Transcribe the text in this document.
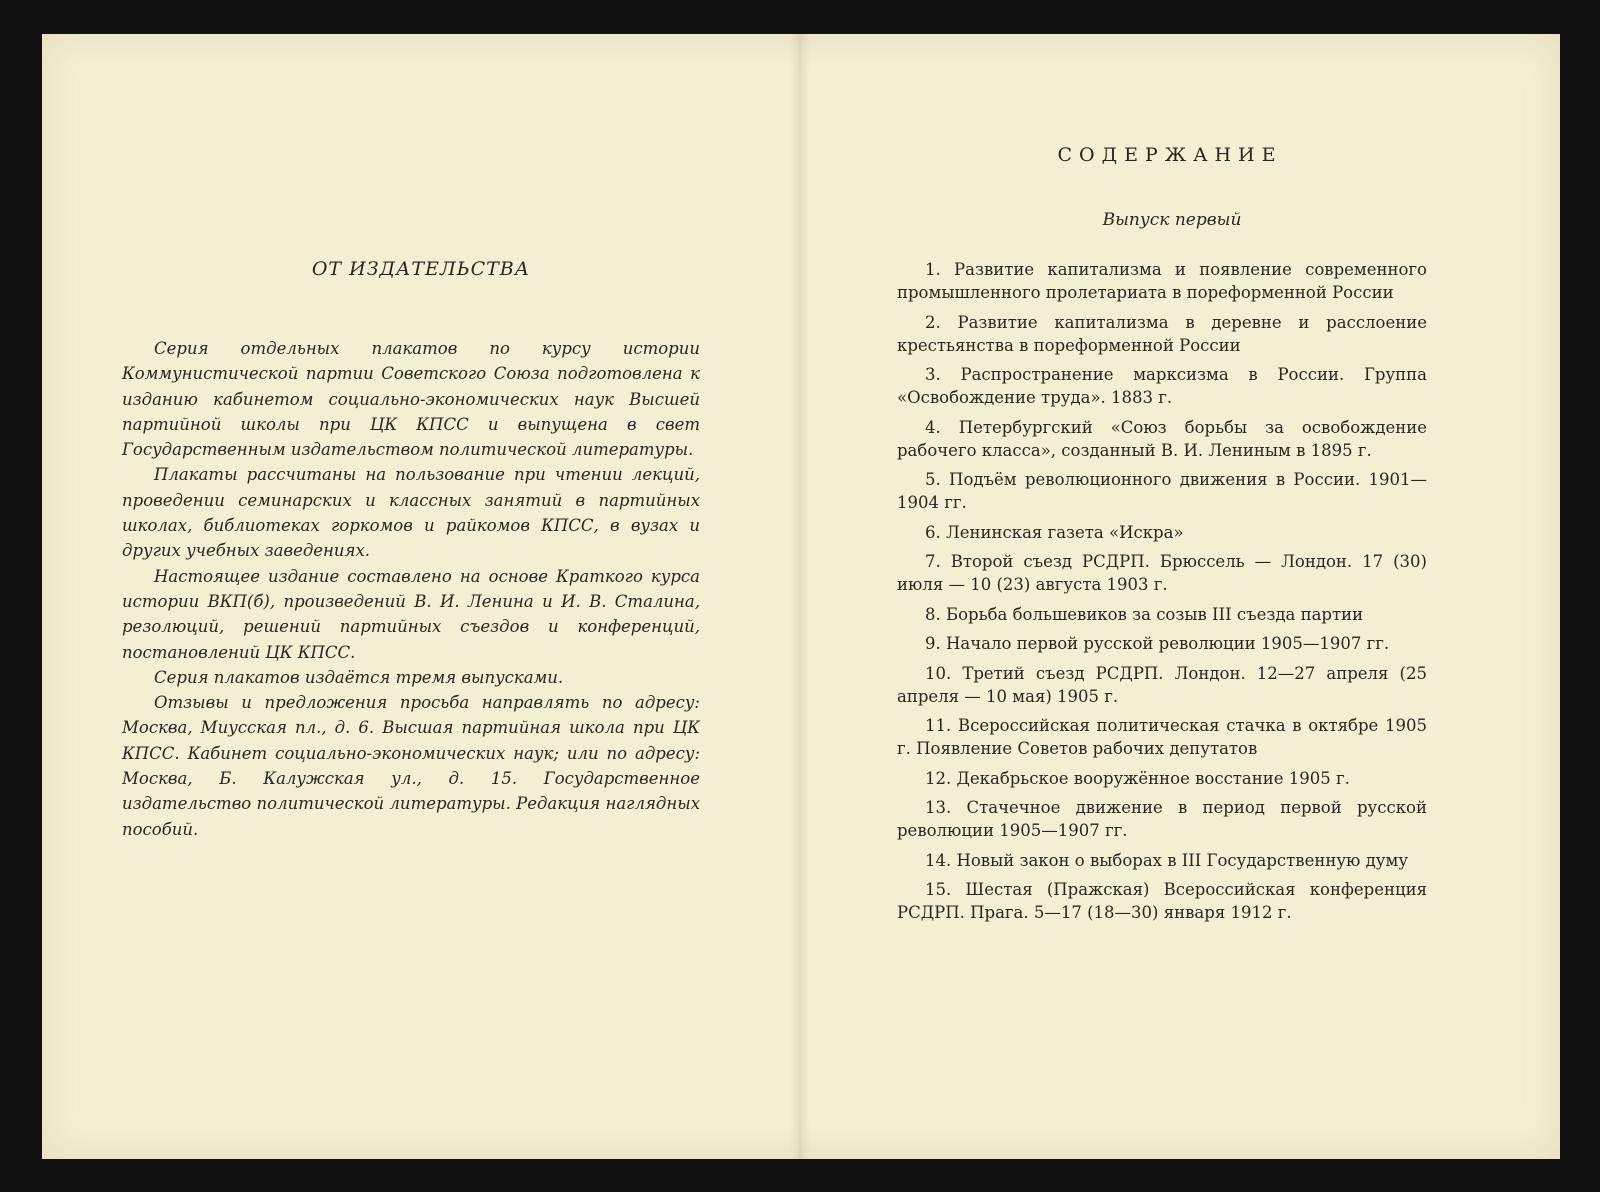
ОТ ИЗДАТЕЛЬСТВА

Серия отдельных плакатов по курсу истории Коммунистической партии Советского Союза подготовлена к изданию кабинетом социально-экономических наук Высшей партийной школы при ЦК КПСС и выпущена в свет Государственным издательством политической литературы.

Плакаты рассчитаны на пользование при чтении лекций, проведении семинарских и классных занятий в партийных школах, библиотеках горкомов и райкомов КПСС, в вузах и других учебных заведениях.

Настоящее издание составлено на основе Краткого курса истории ВКП(б), произведений В. И. Ленина и И. В. Сталина, резолюций, решений партийных съездов и конференций, постановлений ЦК КПСС.

Серия плакатов издаётся тремя выпусками.

Отзывы и предложения просьба направлять по адресу: Москва, Миусская пл., д. 6. Высшая партийная школа при ЦК КПСС. Кабинет социально-экономических наук; или по адресу: Москва, Б. Калужская ул., д. 15. Государственное издательство политической литературы. Редакция наглядных пособий.

СОДЕРЖАНИЕ
Выпуск первый
1. Развитие капитализма и появление современного промышленного пролетариата в пореформенной России
2. Развитие капитализма в деревне и расслоение крестьянства в пореформенной России
3. Распространение марксизма в России. Группа «Освобождение труда». 1883 г.
4. Петербургский «Союз борьбы за освобождение рабочего класса», созданный В. И. Лениным в 1895 г.
5. Подъём революционного движения в России. 1901—1904 гг.
6. Ленинская газета «Искра»
7. Второй съезд РСДРП. Брюссель — Лондон. 17 (30) июля — 10 (23) августа 1903 г.
8. Борьба большевиков за созыв III съезда партии
9. Начало первой русской революции 1905—1907 гг.
10. Третий съезд РСДРП. Лондон. 12—27 апреля (25 апреля — 10 мая) 1905 г.
11. Всероссийская политическая стачка в октябре 1905 г. Появление Советов рабочих депутатов
12. Декабрьское вооружённое восстание 1905 г.
13. Стачечное движение в период первой русской революции 1905—1907 гг.
14. Новый закон о выборах в III Государственную думу
15. Шестая (Пражская) Всероссийская конференция РСДРП. Прага. 5—17 (18—30) января 1912 г.
